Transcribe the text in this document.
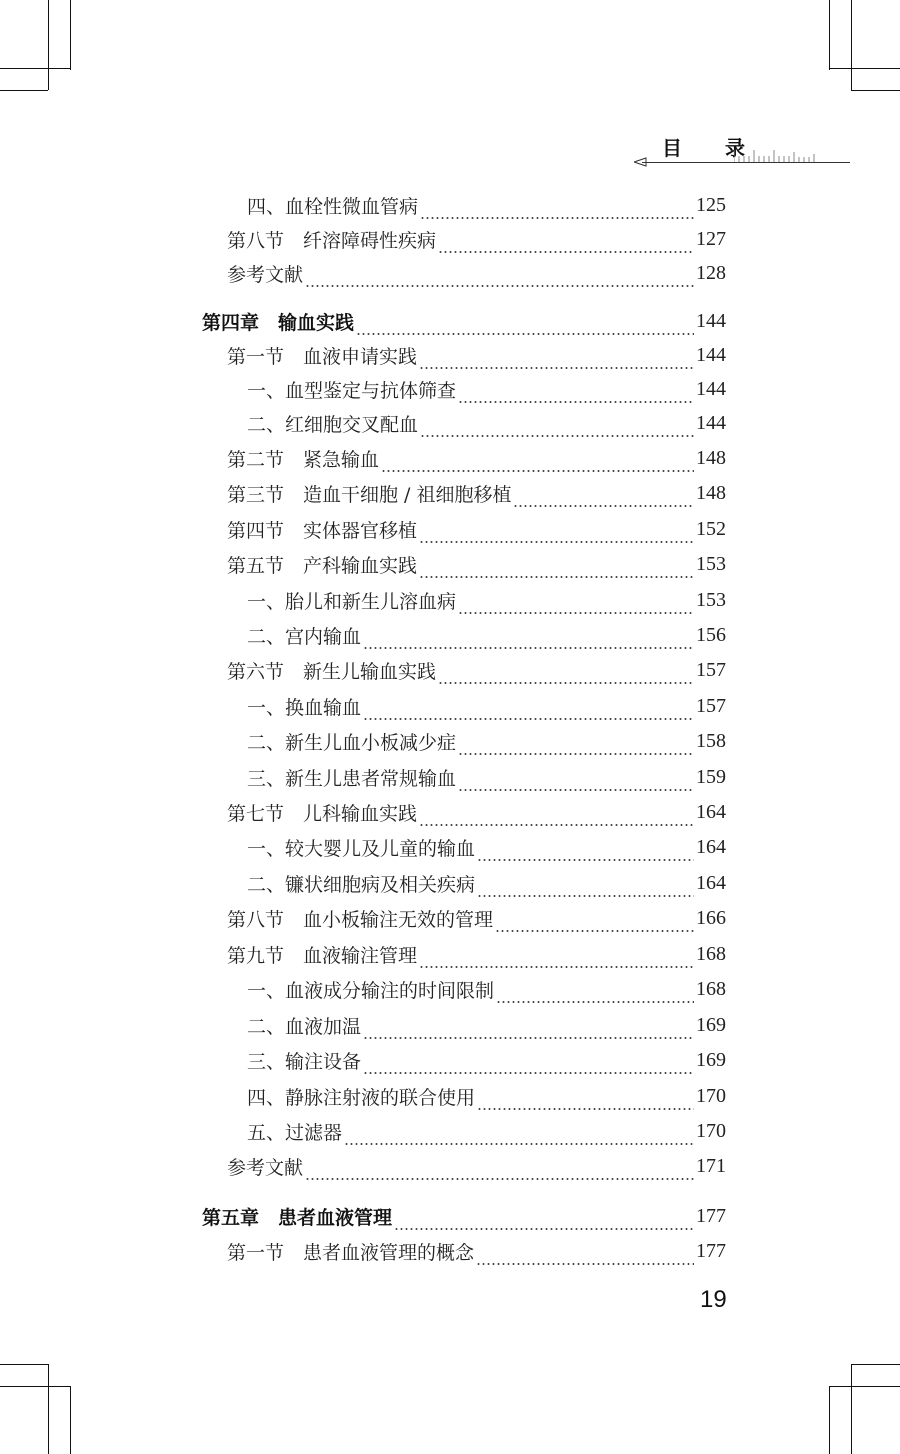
目 录
四、血栓性微血管病	125
第八节　纤溶障碍性疾病	127
参考文献	128
第四章　输血实践	144
第一节　血液申请实践	144
一、血型鉴定与抗体筛查	144
二、红细胞交叉配血	144
第二节　紧急输血	148
第三节　造血干细胞 / 祖细胞移植	148
第四节　实体器官移植	152
第五节　产科输血实践	153
一、胎儿和新生儿溶血病	153
二、宫内输血	156
第六节　新生儿输血实践	157
一、换血输血	157
二、新生儿血小板减少症	158
三、新生儿患者常规输血	159
第七节　儿科输血实践	164
一、较大婴儿及儿童的输血	164
二、镰状细胞病及相关疾病	164
第八节　血小板输注无效的管理	166
第九节　血液输注管理	168
一、血液成分输注的时间限制	168
二、血液加温	169
三、输注设备	169
四、静脉注射液的联合使用	170
五、过滤器	170
参考文献	171
第五章　患者血液管理	177
第一节　患者血液管理的概念	177
19
